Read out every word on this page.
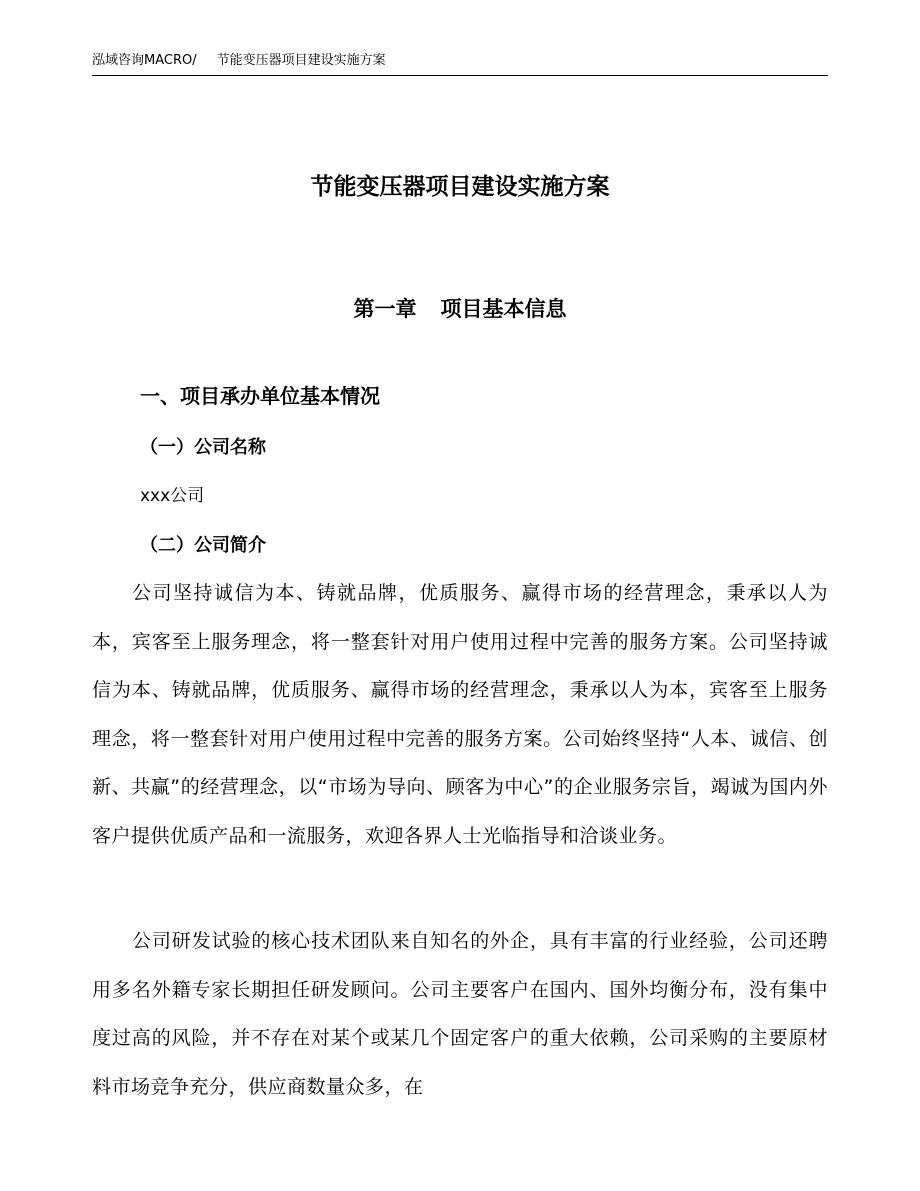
泓域咨询MACRO/ 节能变压器项目建设实施方案
节能变压器项目建设实施方案
第一章 项目基本信息
一、项目承办单位基本情况
（一）公司名称
xxx公司
（二）公司简介
公司坚持诚信为本、铸就品牌，优质服务、赢得市场的经营理念，秉承以人为本，宾客至上服务理念，将一整套针对用户使用过程中完善的服务方案。公司坚持诚信为本、铸就品牌，优质服务、赢得市场的经营理念，秉承以人为本，宾客至上服务理念，将一整套针对用户使用过程中完善的服务方案。公司始终坚持“人本、诚信、创新、共赢”的经营理念，以“市场为导向、顾客为中心”的企业服务宗旨，竭诚为国内外客户提供优质产品和一流服务，欢迎各界人士光临指导和洽谈业务。
公司研发试验的核心技术团队来自知名的外企，具有丰富的行业经验，公司还聘用多名外籍专家长期担任研发顾问。公司主要客户在国内、国外均衡分布，没有集中度过高的风险，并不存在对某个或某几个固定客户的重大依赖，公司采购的主要原材料市场竞争充分，供应商数量众多，在
